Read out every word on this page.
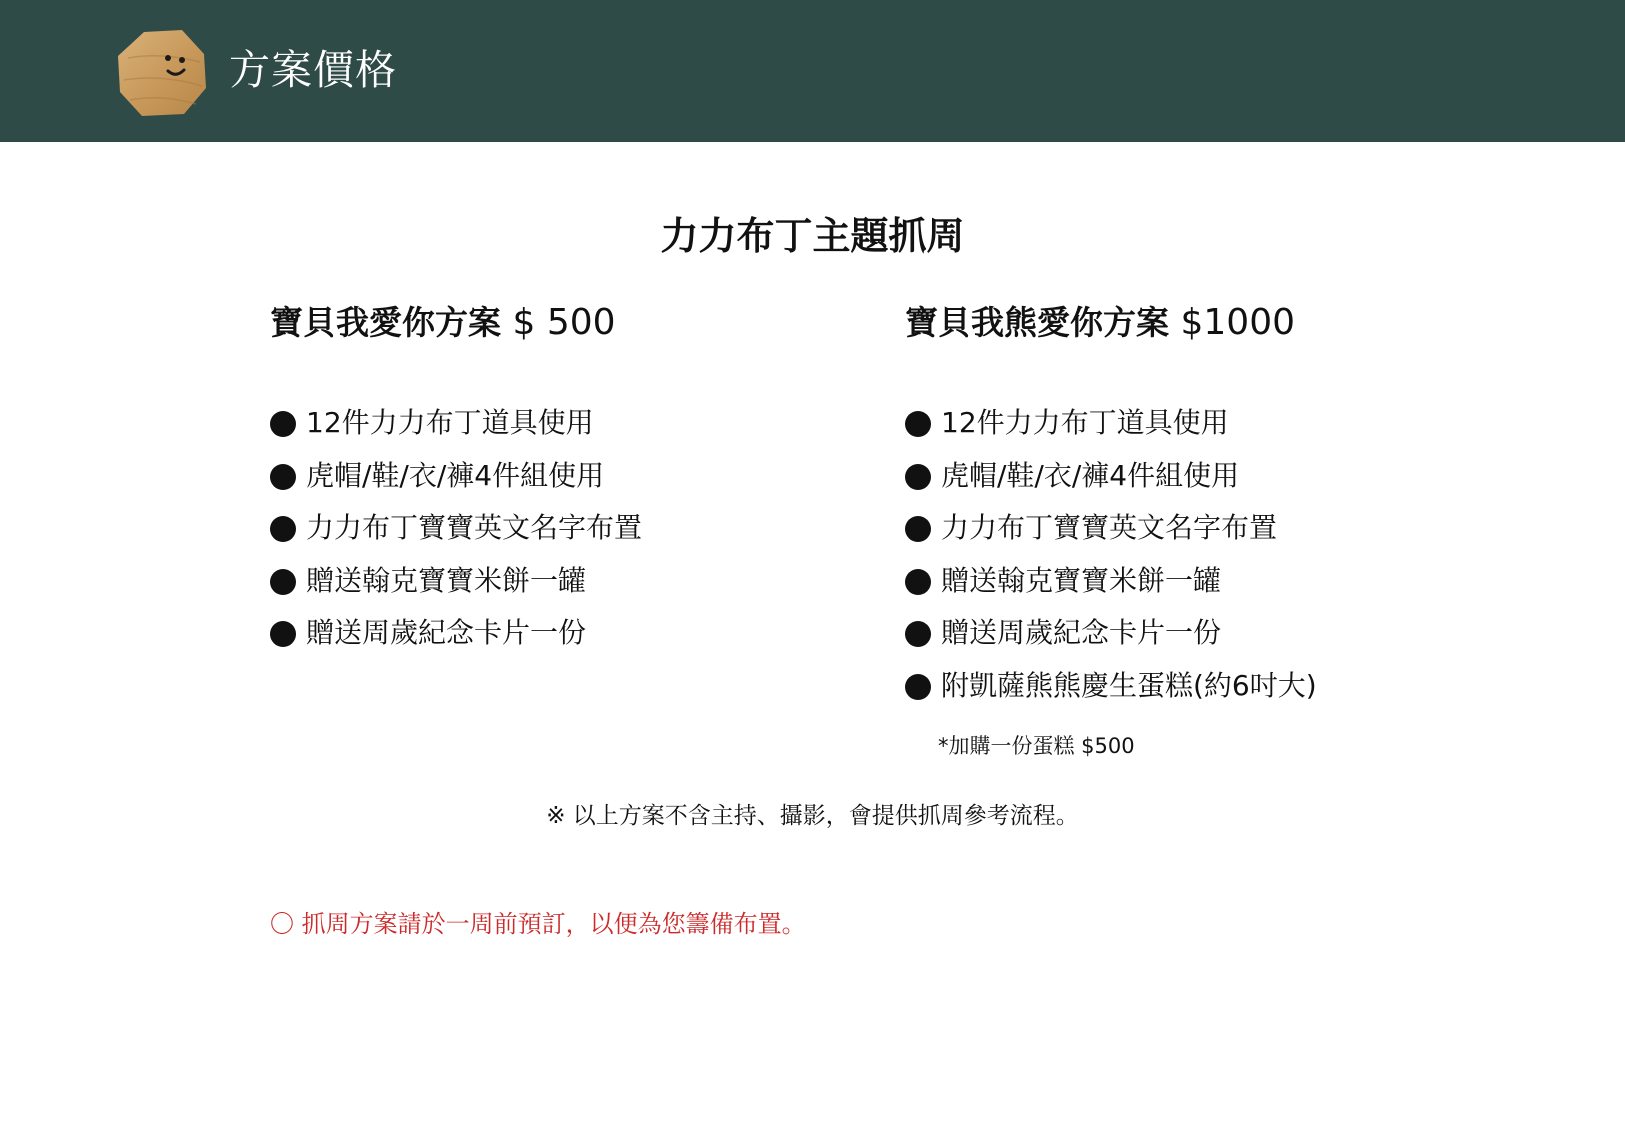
方案價格
力力布丁主題抓周
寶貝我愛你方案 $ 500
12件力力布丁道具使用
虎帽/鞋/衣/褲4件組使用
力力布丁寶寶英文名字布置
贈送翰克寶寶米餅一罐
贈送周歲紀念卡片一份
寶貝我熊愛你方案 $1000
12件力力布丁道具使用
虎帽/鞋/衣/褲4件組使用
力力布丁寶寶英文名字布置
贈送翰克寶寶米餅一罐
贈送周歲紀念卡片一份
附凱薩熊熊慶生蛋糕(約6吋大)
*加購一份蛋糕 $500
※ 以上方案不含主持、攝影，會提供抓周參考流程。
〇 抓周方案請於一周前預訂，以便為您籌備布置。
